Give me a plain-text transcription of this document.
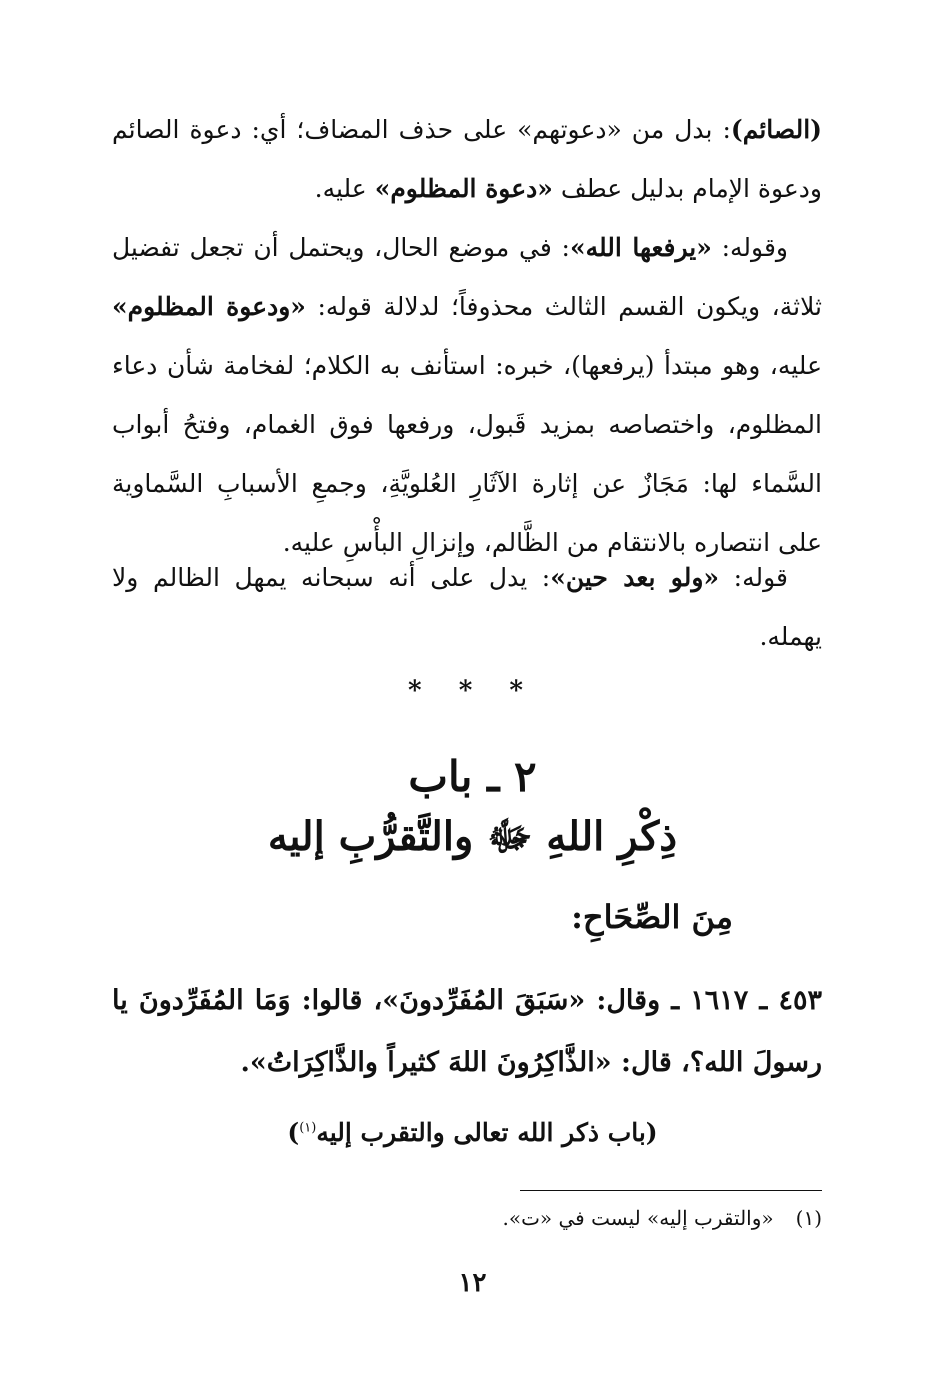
(الصائم): بدل من «دعوتهم» على حذف المضاف؛ أي: دعوة الصائم ودعوة الإمام بدليل عطف «دعوة المظلوم» عليه.

وقوله: «يرفعها الله»: في موضع الحال، ويحتمل أن تجعل تفضيل ثلاثة، ويكون القسم الثالث محذوفاً؛ لدلالة قوله: «ودعوة المظلوم» عليه، وهو مبتدأ (يرفعها)، خبره: استأنف به الكلام؛ لفخامة شأن دعاء المظلوم، واختصاصه بمزيد قَبول، ورفعها فوق الغمام، وفتحُ أبواب السَّماء لها: مَجَازٌ عن إثارة الآثَارِ العُلويَّةِ، وجمعِ الأسبابِ السَّماوية على انتصاره بالانتقام من الظَّالم، وإنزالِ البأْسِ عليه.

قوله: «ولو بعد حين»: يدل على أنه سبحانه يمهل الظالم ولا يهمله.

* * *
٢ ـ باب
ذِكْرِ اللهِ ﷻ والتَّقرُّبِ إليه
مِنَ الصِّحَاحِ:

٤٥٣ ـ ١٦١٧ ـ وقال: «سَبَقَ المُفَرِّدونَ»، قالوا: وَمَا المُفَرِّدونَ يا رسولَ الله؟، قال: «الذَّاكِرُونَ اللهَ كثيراً والذَّاكِرَاتُ».

(باب ذكر الله تعالى والتقرب إليه$^{(١)}$)
(١)«والتقرب إليه» ليست في «ت».
١٢
